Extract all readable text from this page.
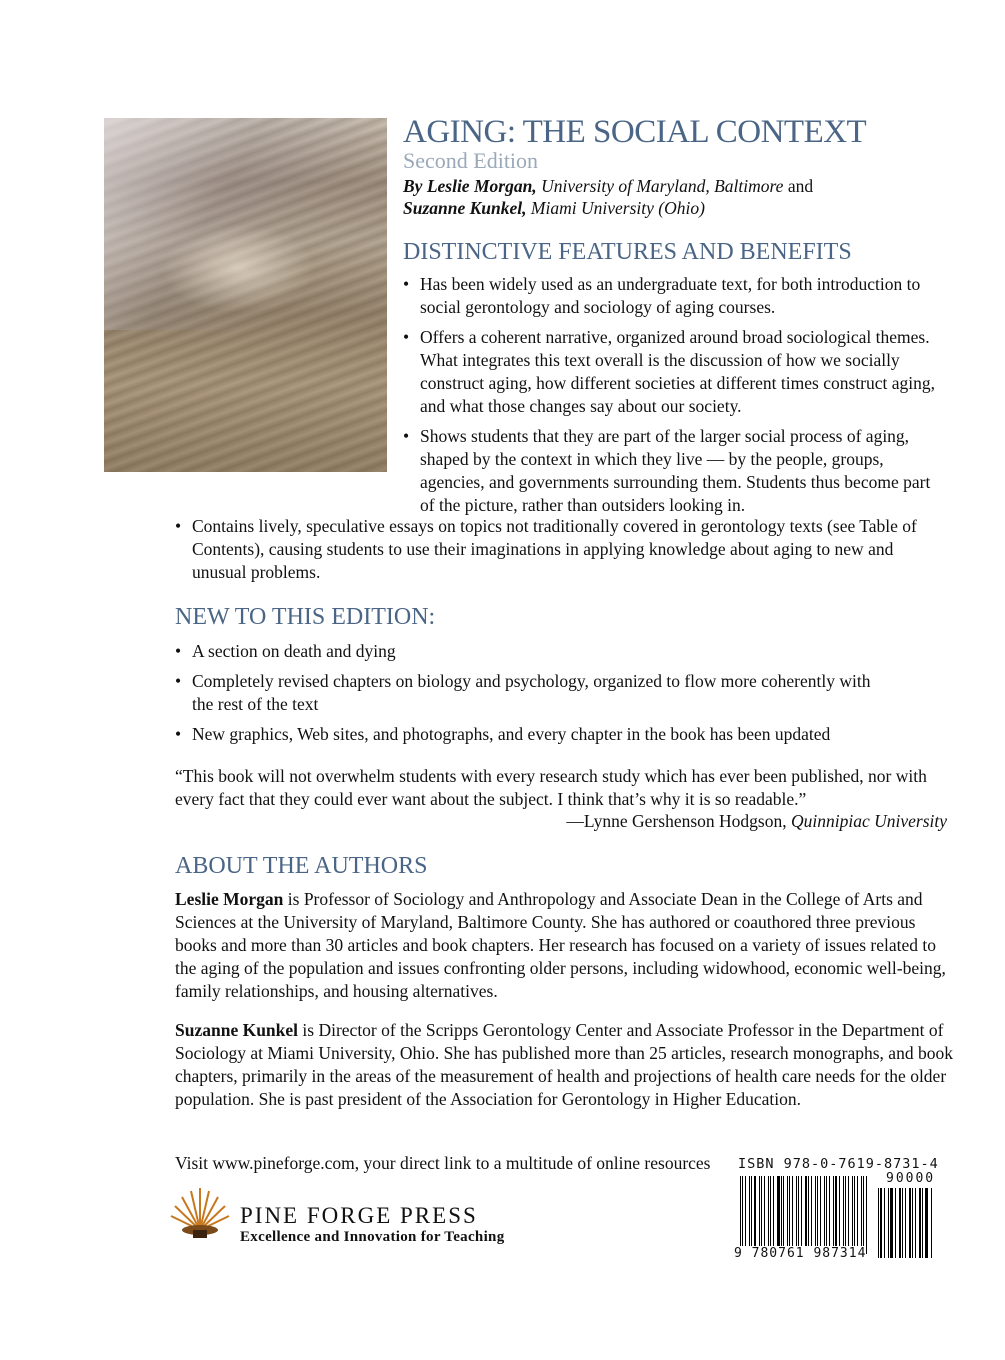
AGING: THE SOCIAL CONTEXT
Second Edition
By Leslie Morgan, University of Maryland, Baltimore and
Suzanne Kunkel, Miami University (Ohio)
DISTINCTIVE FEATURES AND BENEFITS
• Has been widely used as an undergraduate text, for both introduction to social gerontology and sociology of aging courses.
• Offers a coherent narrative, organized around broad sociological themes. What integrates this text overall is the discussion of how we socially construct aging, how different societies at different times construct aging, and what those changes say about our society.
• Shows students that they are part of the larger social process of aging, shaped by the context in which they live — by the people, groups, agencies, and governments surrounding them. Students thus become part of the picture, rather than outsiders looking in.
• Contains lively, speculative essays on topics not traditionally covered in gerontology texts (see Table of Contents), causing students to use their imaginations in applying knowledge about aging to new and unusual problems.
NEW TO THIS EDITION:
• A section on death and dying
• Completely revised chapters on biology and psychology, organized to flow more coherently with the rest of the text
• New graphics, Web sites, and photographs, and every chapter in the book has been updated
“This book will not overwhelm students with every research study which has ever been published, nor with every fact that they could ever want about the subject. I think that’s why it is so readable.”
—Lynne Gershenson Hodgson, Quinnipiac University
ABOUT THE AUTHORS

Leslie Morgan is Professor of Sociology and Anthropology and Associate Dean in the College of Arts and Sciences at the University of Maryland, Baltimore County. She has authored or coauthored three previous books and more than 30 articles and book chapters. Her research has focused on a variety of issues related to the aging of the population and issues confronting older persons, including widowhood, economic well-being, family relationships, and housing alternatives.

Suzanne Kunkel is Director of the Scripps Gerontology Center and Associate Professor in the Department of Sociology at Miami University, Ohio. She has published more than 25 articles, research monographs, and book chapters, primarily in the areas of the measurement of health and projections of health care needs for the older population. She is past president of the Association for Gerontology in Higher Education.

Visit www.pineforge.com, your direct link to a multitude of online resources
PINE FORGE PRESS
Excellence and Innovation for Teaching
ISBN 978-0-7619-8731-4
90000
9 780761 987314
